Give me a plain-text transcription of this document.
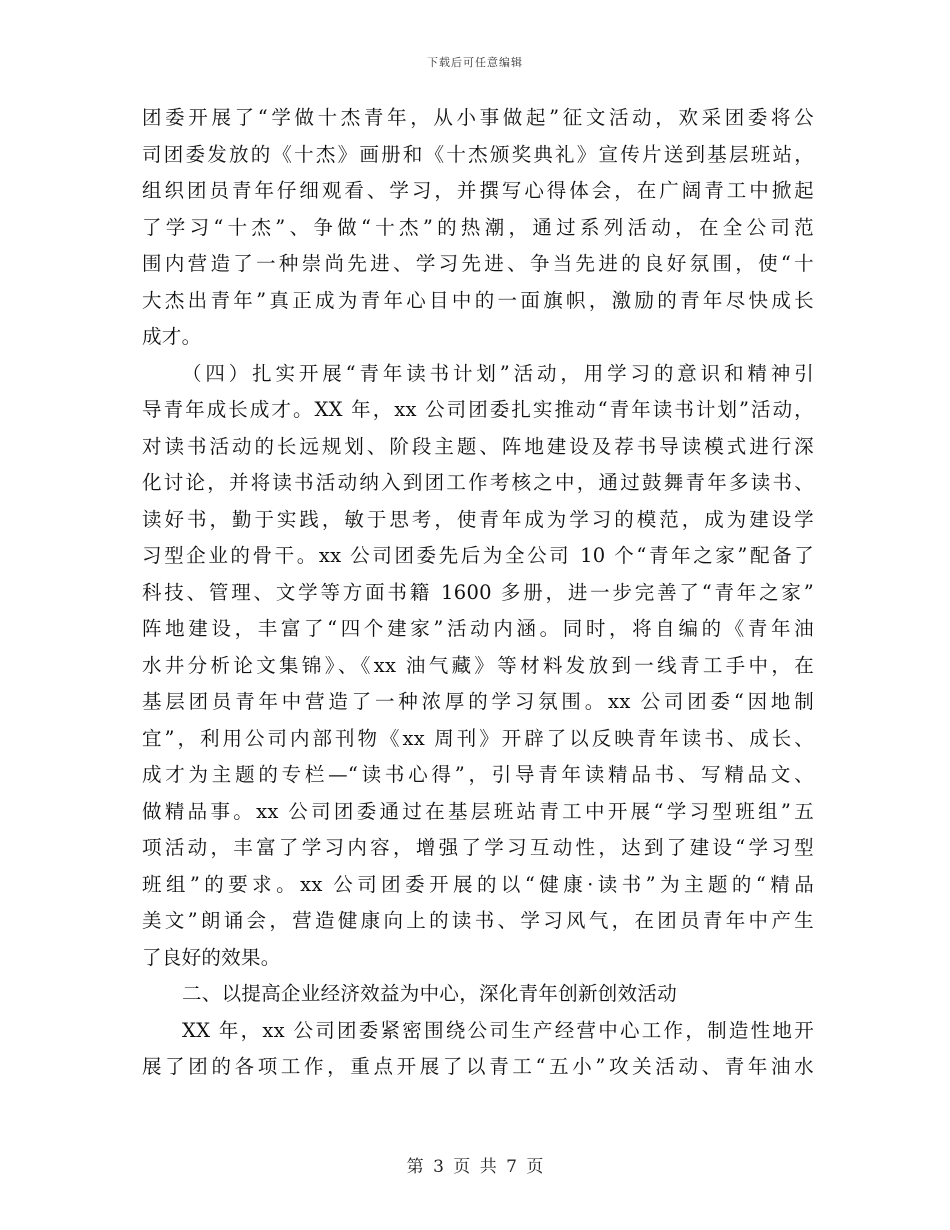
下载后可任意编辑
团委开展了“学做十杰青年，从小事做起”征文活动，欢采团委将公
司团委发放的《十杰》画册和《十杰颁奖典礼》宣传片送到基层班站，
组织团员青年仔细观看、学习，并撰写心得体会，在广阔青工中掀起
了学习“十杰”、争做“十杰”的热潮，通过系列活动，在全公司范
围内营造了一种崇尚先进、学习先进、争当先进的良好氛围，使“十
大杰出青年”真正成为青年心目中的一面旗帜，激励的青年尽快成长
成才。
（四）扎实开展“青年读书计划”活动，用学习的意识和精神引
导青年成长成才。XX 年，xx 公司团委扎实推动“青年读书计划”活动，
对读书活动的长远规划、阶段主题、阵地建设及荐书导读模式进行深
化讨论，并将读书活动纳入到团工作考核之中，通过鼓舞青年多读书、
读好书，勤于实践，敏于思考，使青年成为学习的模范，成为建设学
习型企业的骨干。xx 公司团委先后为全公司 10 个“青年之家”配备了
科技、管理、文学等方面书籍 1600 多册，进一步完善了“青年之家”
阵地建设，丰富了“四个建家”活动内涵。同时，将自编的《青年油
水井分析论文集锦》、《xx 油气藏》等材料发放到一线青工手中，在
基层团员青年中营造了一种浓厚的学习氛围。xx 公司团委“因地制
宜”，利用公司内部刊物《xx 周刊》开辟了以反映青年读书、成长、
成才为主题的专栏—“读书心得”，引导青年读精品书、写精品文、
做精品事。xx 公司团委通过在基层班站青工中开展“学习型班组”五
项活动，丰富了学习内容，增强了学习互动性，达到了建设“学习型
班组”的要求。xx 公司团委开展的以“健康·读书”为主题的“精品
美文”朗诵会，营造健康向上的读书、学习风气，在团员青年中产生
了良好的效果。
二、以提高企业经济效益为中心，深化青年创新创效活动
XX 年，xx 公司团委紧密围绕公司生产经营中心工作，制造性地开
展了团的各项工作，重点开展了以青工“五小”攻关活动、青年油水
第 3 页 共 7 页
